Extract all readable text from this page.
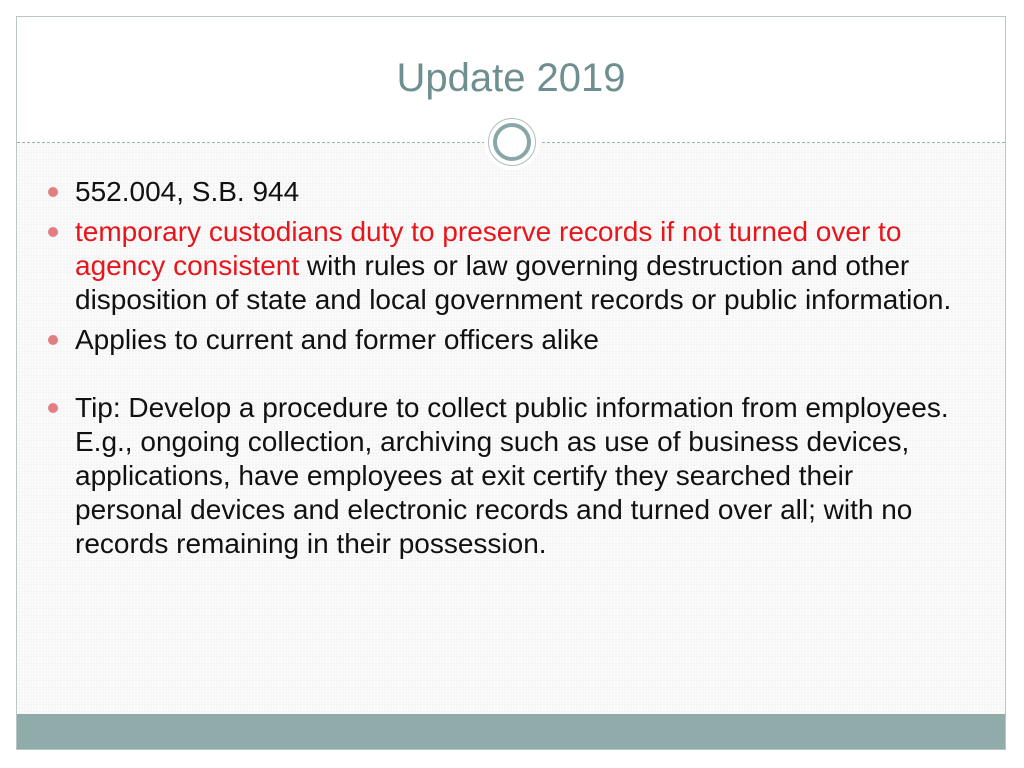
Update 2019
552.004, S.B. 944
temporary custodians duty to preserve records if not turned over to agency consistent with rules or law governing destruction and other disposition of state and local government records or public information.
Applies to current and former officers alike
Tip: Develop a procedure to collect public information from employees. E.g., ongoing collection, archiving such as use of business devices, applications, have employees at exit certify they searched their personal devices and electronic records and turned over all; with no records remaining in their possession.
